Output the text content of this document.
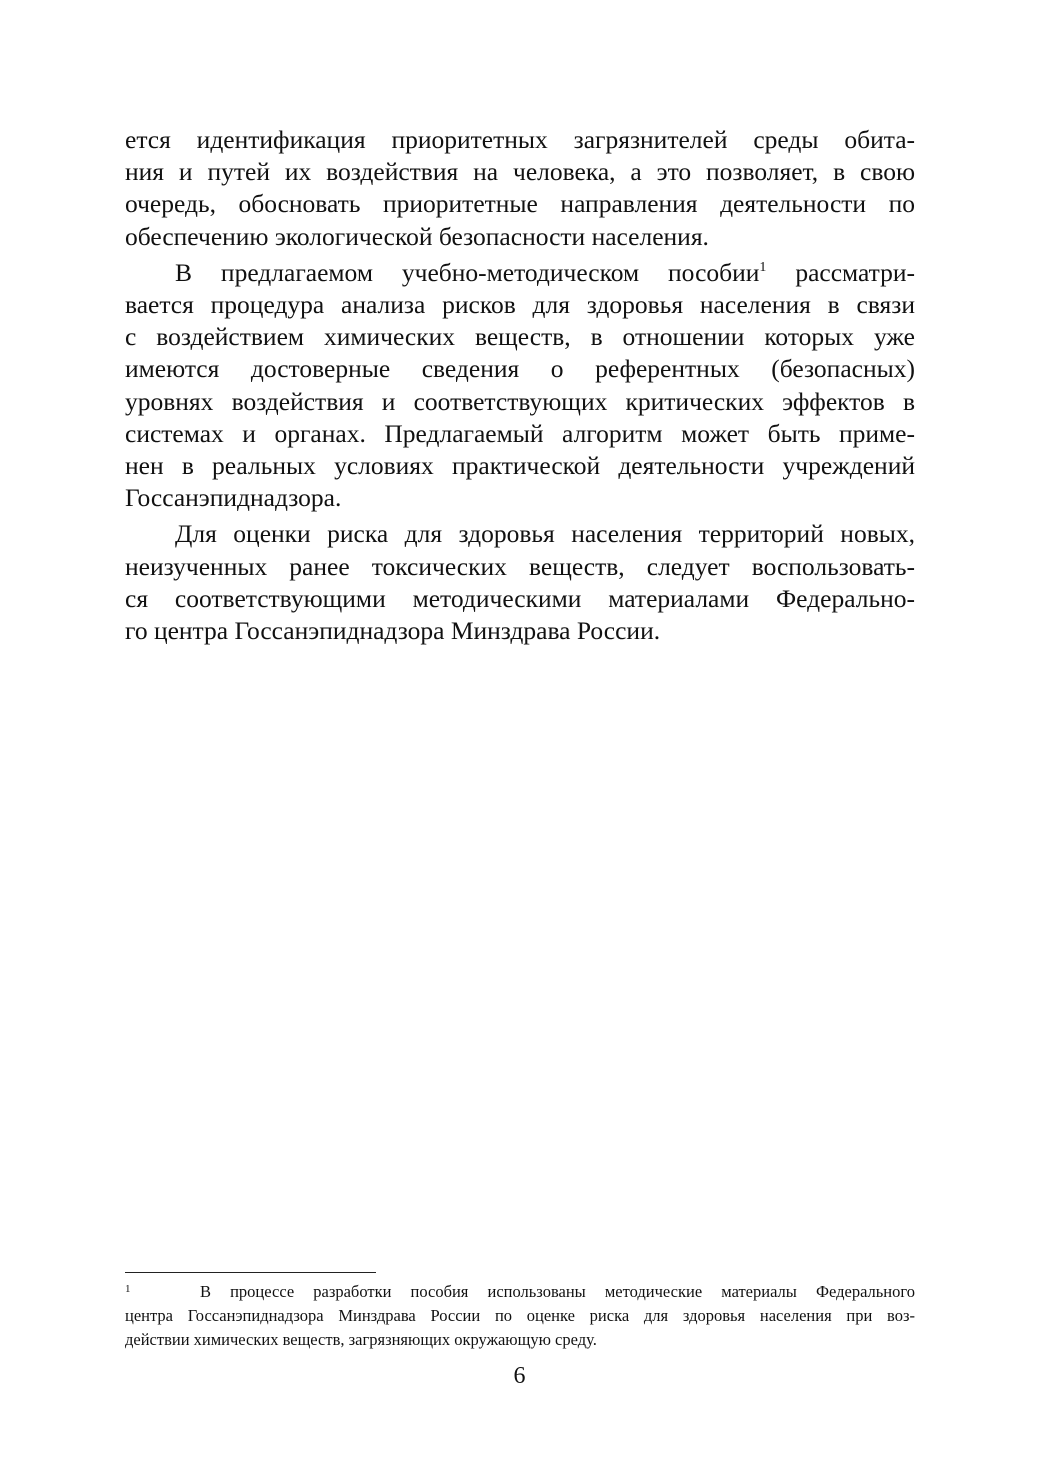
ется идентификация приоритетных загрязнителей среды обита-
ния и путей их воздействия на человека, а это позволяет, в свою
очередь, обосновать приоритетные направления деятельности по
обеспечению экологической безопасности населения.
В предлагаемом учебно-методическом пособии$^1$ рассматри-
вается процедура анализа рисков для здоровья населения в связи
с воздействием химических веществ, в отношении которых уже
имеются достоверные сведения о референтных (безопасных)
уровнях воздействия и соответствующих критических эффектов в
системах и органах. Предлагаемый алгоритм может быть приме-
нен в реальных условиях практической деятельности учреждений
Госсанэпиднадзора.
Для оценки риска для здоровья населения территорий новых,
неизученных ранее токсических веществ, следует воспользовать-
ся соответствующими методическими материалами Федерально-
го центра Госсанэпиднадзора Минздрава России.
1	В процессе разработки пособия использованы методические материалы Федерального
центра Госсанэпиднадзора Минздрава России по оценке риска для здоровья населения при воз-
действии химических веществ, загрязняющих окружающую среду.
6
